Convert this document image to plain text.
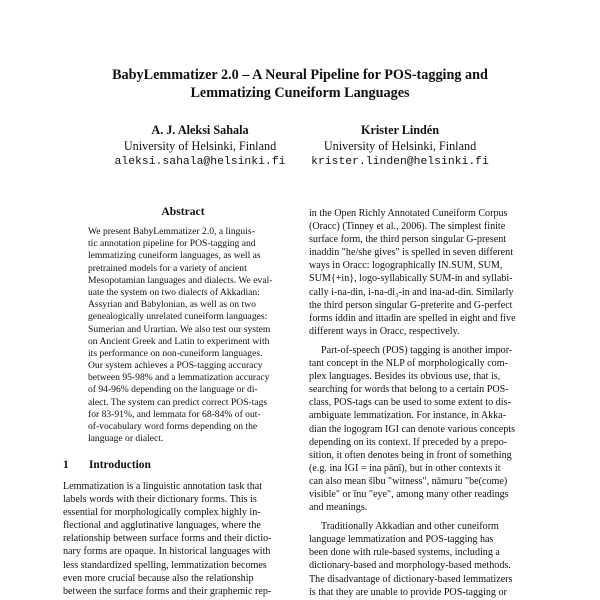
BabyLemmatizer 2.0 – A Neural Pipeline for POS-tagging and
Lemmatizing Cuneiform Languages
A. J. Aleksi Sahala
University of Helsinki, Finland
aleksi.sahala@helsinki.fi
Krister Lindén
University of Helsinki, Finland
krister.linden@helsinki.fi
Abstract
We present BabyLemmatizer 2.0, a linguis-
tic annotation pipeline for POS-tagging and
lemmatizing cuneiform languages, as well as
pretrained models for a variety of ancient
Mesopotamian languages and dialects. We eval-
uate the system on two dialects of Akkadian:
Assyrian and Babylonian, as well as on two
genealogically unrelated cuneiform languages:
Sumerian and Urartian. We also test our system
on Ancient Greek and Latin to experiment with
its performance on non-cuneiform languages.
Our system achieves a POS-tagging accuracy
between 95-98% and a lemmatization accuracy
of 94-96% depending on the language or di-
alect. The system can predict correct POS-tags
for 83-91%, and lemmata for 68-84% of out-
of-vocabulary word forms depending on the
language or dialect.
1 Introduction
Lemmatization is a linguistic annotation task that
labels words with their dictionary forms. This is
essential for morphologically complex highly in-
flectional and agglutinative languages, where the
relationship between surface forms and their dictio-
nary forms are opaque. In historical languages with
less standardized spelling, lemmatization becomes
even more crucial because also the relationship
between the surface forms and their graphemic rep-
in the Open Richly Annotated Cuneiform Corpus
(Oracc) (Tinney et al., 2006). The simplest finite
surface form, the third person singular G-present
inaddin "he/she gives" is spelled in seven different
ways in Oracc: logographically IN.SUM, SUM,
SUM{+in}, logo-syllabically SUM-in and syllabi-
cally i-na-din, i-na-di₃-in and ina-ad-din. Similarly
the third person singular G-preterite and G-perfect
forms iddin and ittadin are spelled in eight and five
different ways in Oracc, respectively.
Part-of-speech (POS) tagging is another impor-
tant concept in the NLP of morphologically com-
plex languages. Besides its obvious use, that is,
searching for words that belong to a certain POS-
class, POS-tags can be used to some extent to dis-
ambiguate lemmatization. For instance, in Akka-
dian the logogram IGI can denote various concepts
depending on its context. If preceded by a prepo-
sition, it often denotes being in front of something
(e.g. ina IGI = ina pānī), but in other contexts it
can also mean šību "witness", nāmuru "be(come)
visible" or īnu "eye", among many other readings
and meanings.
Traditionally Akkadian and other cuneiform
language lemmatization and POS-tagging has
been done with rule-based systems, including a
dictionary-based and morphology-based methods.
The disadvantage of dictionary-based lemmatizers
is that they are unable to provide POS-tagging or
